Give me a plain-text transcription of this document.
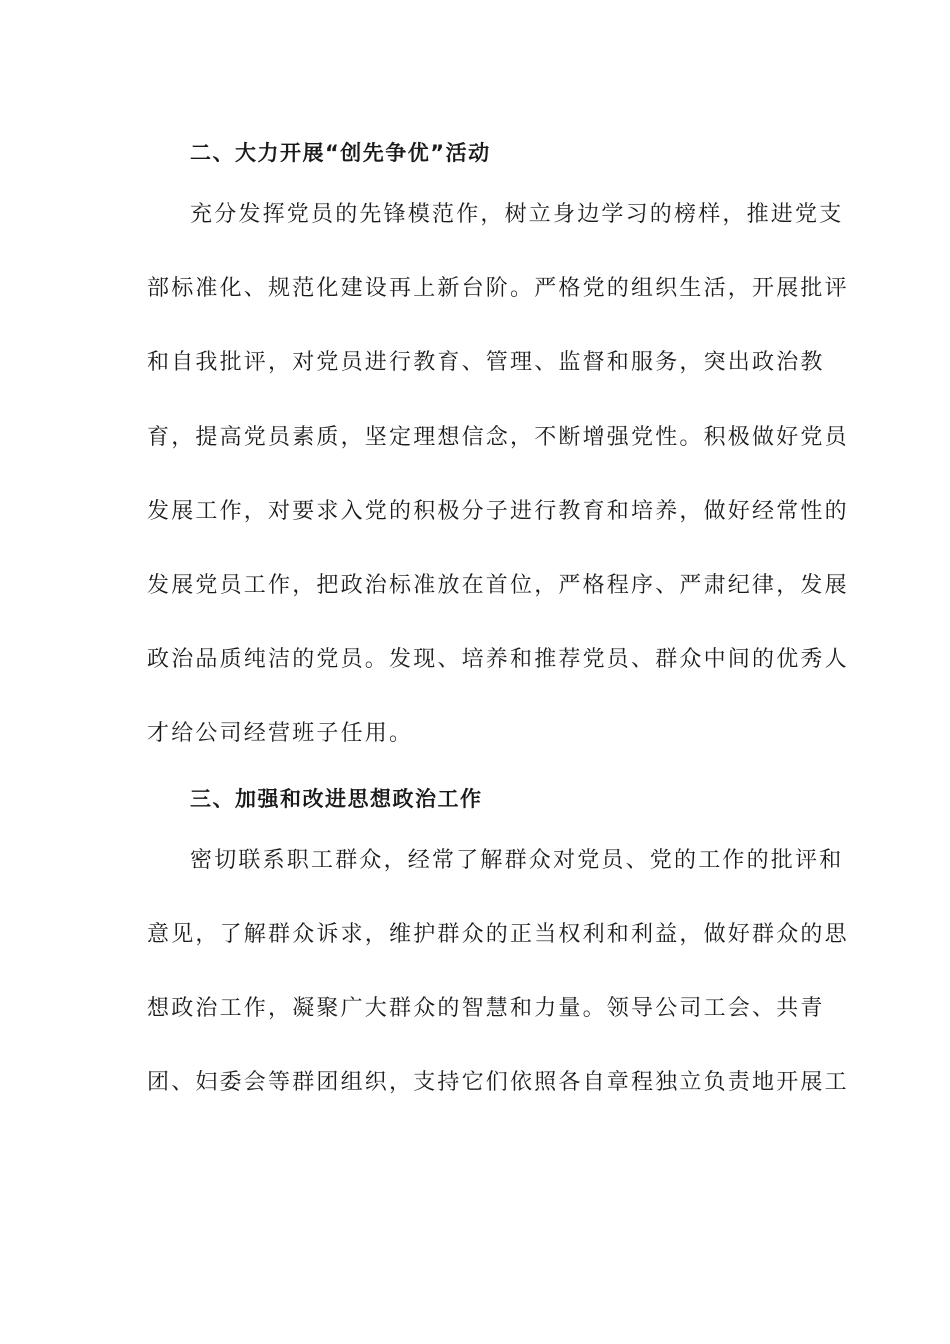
二、大力开展“创先争优”活动
充分发挥党员的先锋模范作，树立身边学习的榜样，推进党支
部标准化、规范化建设再上新台阶。严格党的组织生活，开展批评
和自我批评，对党员进行教育、管理、监督和服务，突出政治教
育，提高党员素质，坚定理想信念，不断增强党性。积极做好党员
发展工作，对要求入党的积极分子进行教育和培养，做好经常性的
发展党员工作，把政治标准放在首位，严格程序、严肃纪律，发展
政治品质纯洁的党员。发现、培养和推荐党员、群众中间的优秀人
才给公司经营班子任用。
三、加强和改进思想政治工作
密切联系职工群众，经常了解群众对党员、党的工作的批评和
意见，了解群众诉求，维护群众的正当权利和利益，做好群众的思
想政治工作，凝聚广大群众的智慧和力量。领导公司工会、共青
团、妇委会等群团组织，支持它们依照各自章程独立负责地开展工
